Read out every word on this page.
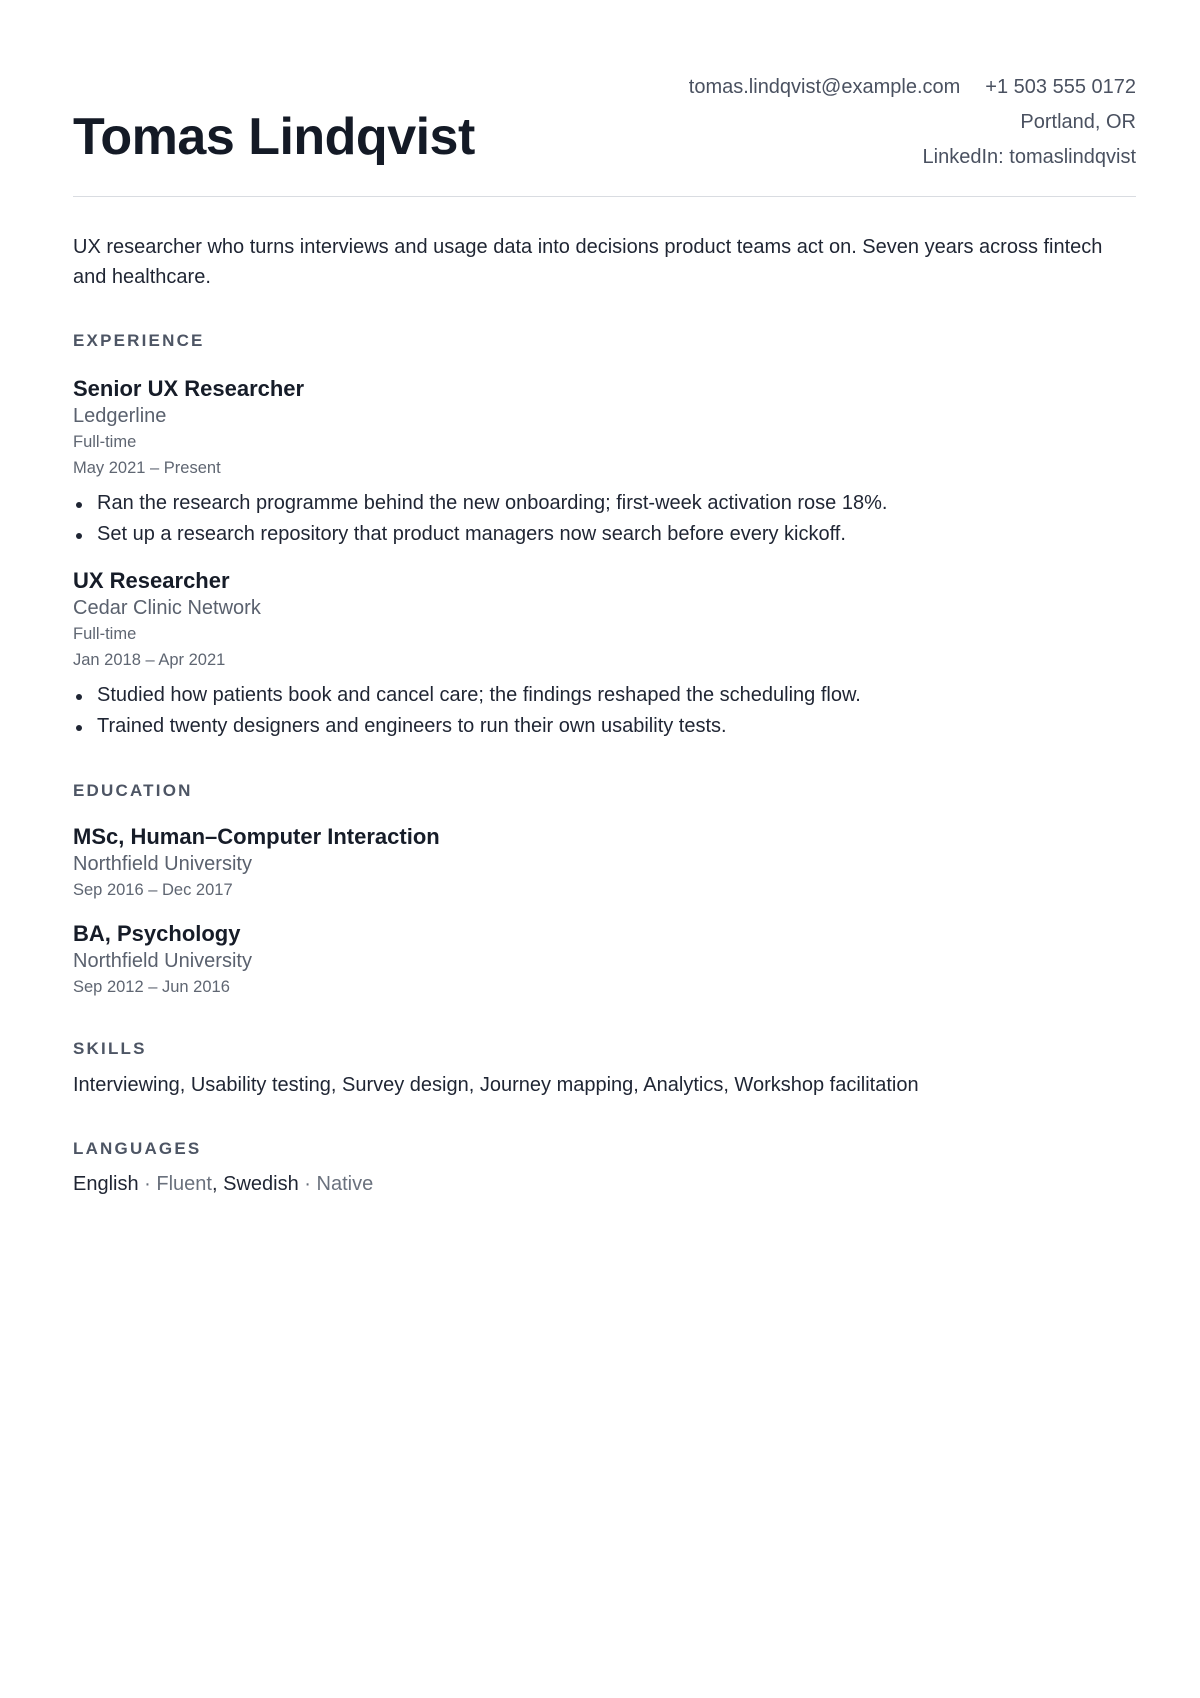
Tomas Lindqvist
tomas.lindqvist@example.com +1 503 555 0172
Portland, OR
LinkedIn: tomaslindqvist

UX researcher who turns interviews and usage data into decisions product teams act on. Seven years across fintech and healthcare.

EXPERIENCE
Senior UX Researcher
Ledgerline
Full-time
May 2021 – Present
Ran the research programme behind the new onboarding; first-week activation rose 18%.
Set up a research repository that product managers now search before every kickoff.
UX Researcher
Cedar Clinic Network
Full-time
Jan 2018 – Apr 2021
Studied how patients book and cancel care; the findings reshaped the scheduling flow.
Trained twenty designers and engineers to run their own usability tests.
EDUCATION
MSc, Human–Computer Interaction
Northfield University
Sep 2016 – Dec 2017
BA, Psychology
Northfield University
Sep 2012 – Jun 2016
SKILLS

Interviewing, Usability testing, Survey design, Journey mapping, Analytics, Workshop facilitation

LANGUAGES

English · Fluent, Swedish · Native
